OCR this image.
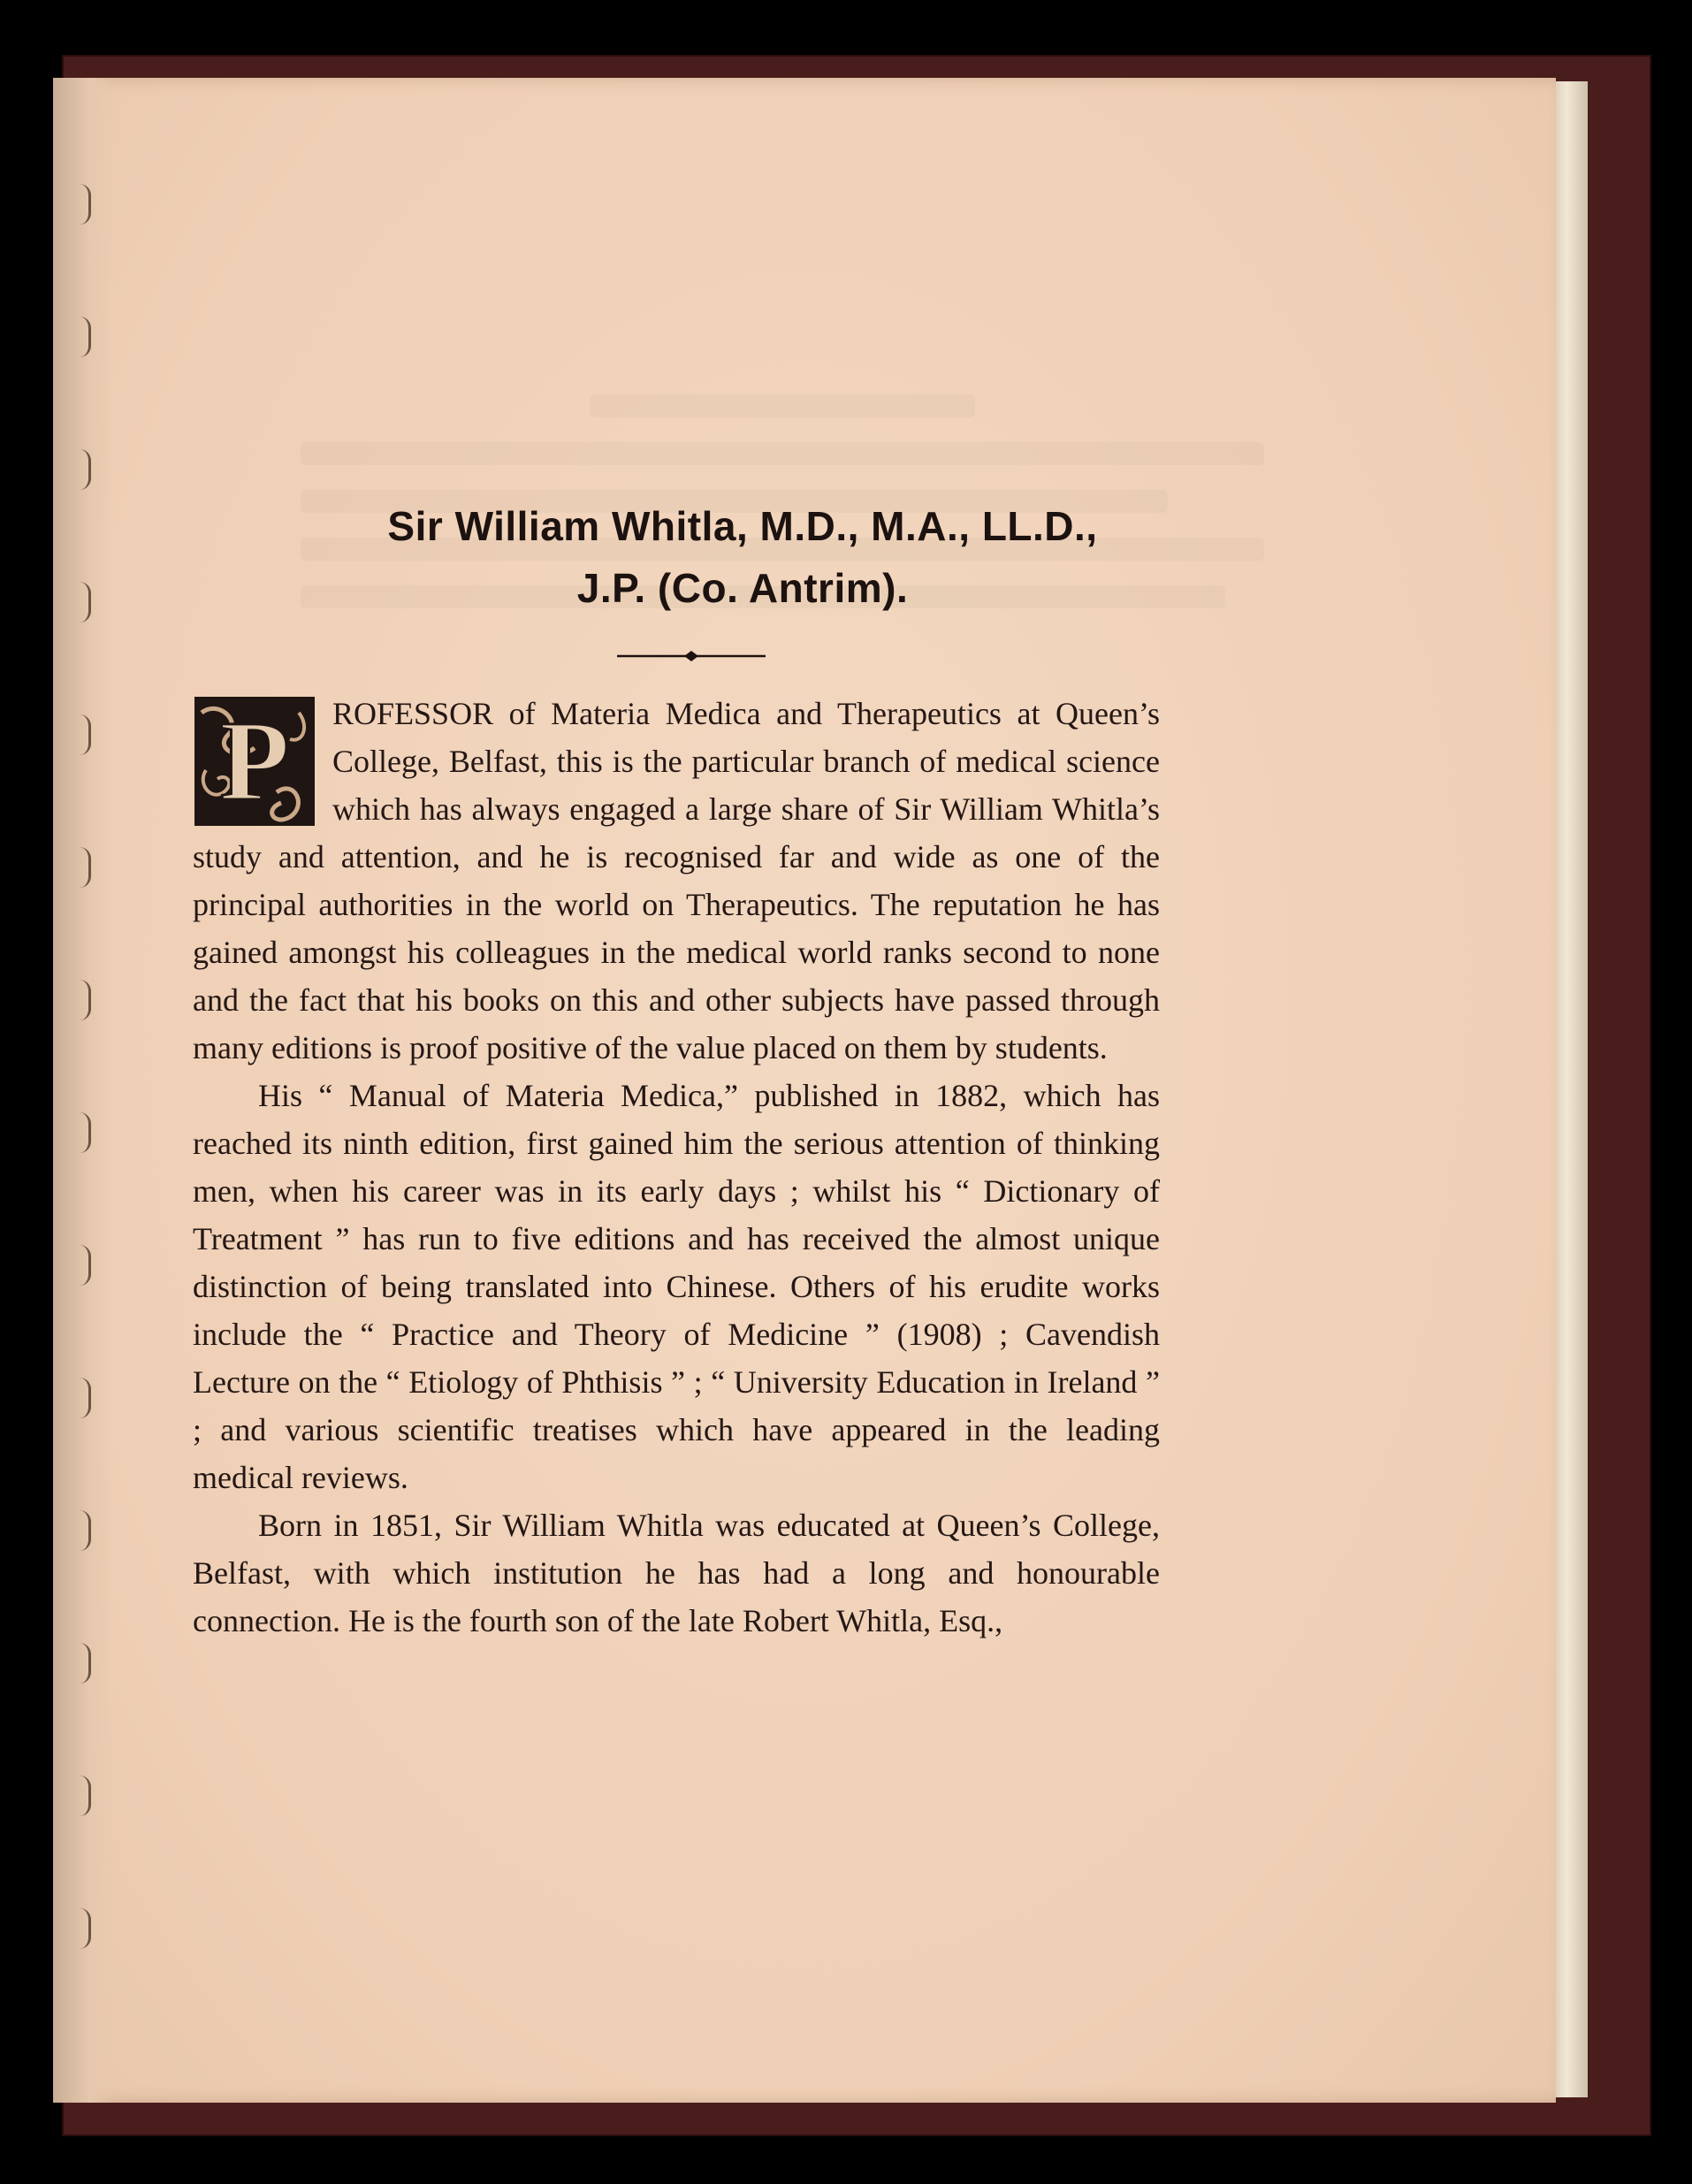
Sir William Whitla, M.D., M.A., LL.D.,
J.P. (Co. Antrim).
P	ROFESSOR of Materia Medica and Therapeutics at Queen’s College, Belfast, this is the particular branch of medical science which has always engaged a large share of Sir William Whitla’s study and attention, and he is recognised far and wide as one of the principal authorities in the world on Therapeutics. The reputation he has gained amongst his colleagues in the medical world ranks second to none and the fact that his books on this and other subjects have passed through many editions is proof positive of the value placed on them by students.

His “ Manual of Materia Medica,” published in 1882, which has reached its ninth edition, first gained him the serious attention of thinking men, when his career was in its early days ; whilst his “ Dictionary of Treatment ” has run to five editions and has received the almost unique distinction of being translated into Chinese. Others of his erudite works include the “ Practice and Theory of Medicine ” (1908) ; Cavendish Lecture on the “ Etiology of Phthisis ” ; “ University Education in Ireland ” ; and various scientific treatises which have appeared in the leading medical reviews.

Born in 1851, Sir William Whitla was educated at Queen’s College, Belfast, with which institution he has had a long and honourable connection. He is the fourth son of the late Robert Whitla, Esq.,
